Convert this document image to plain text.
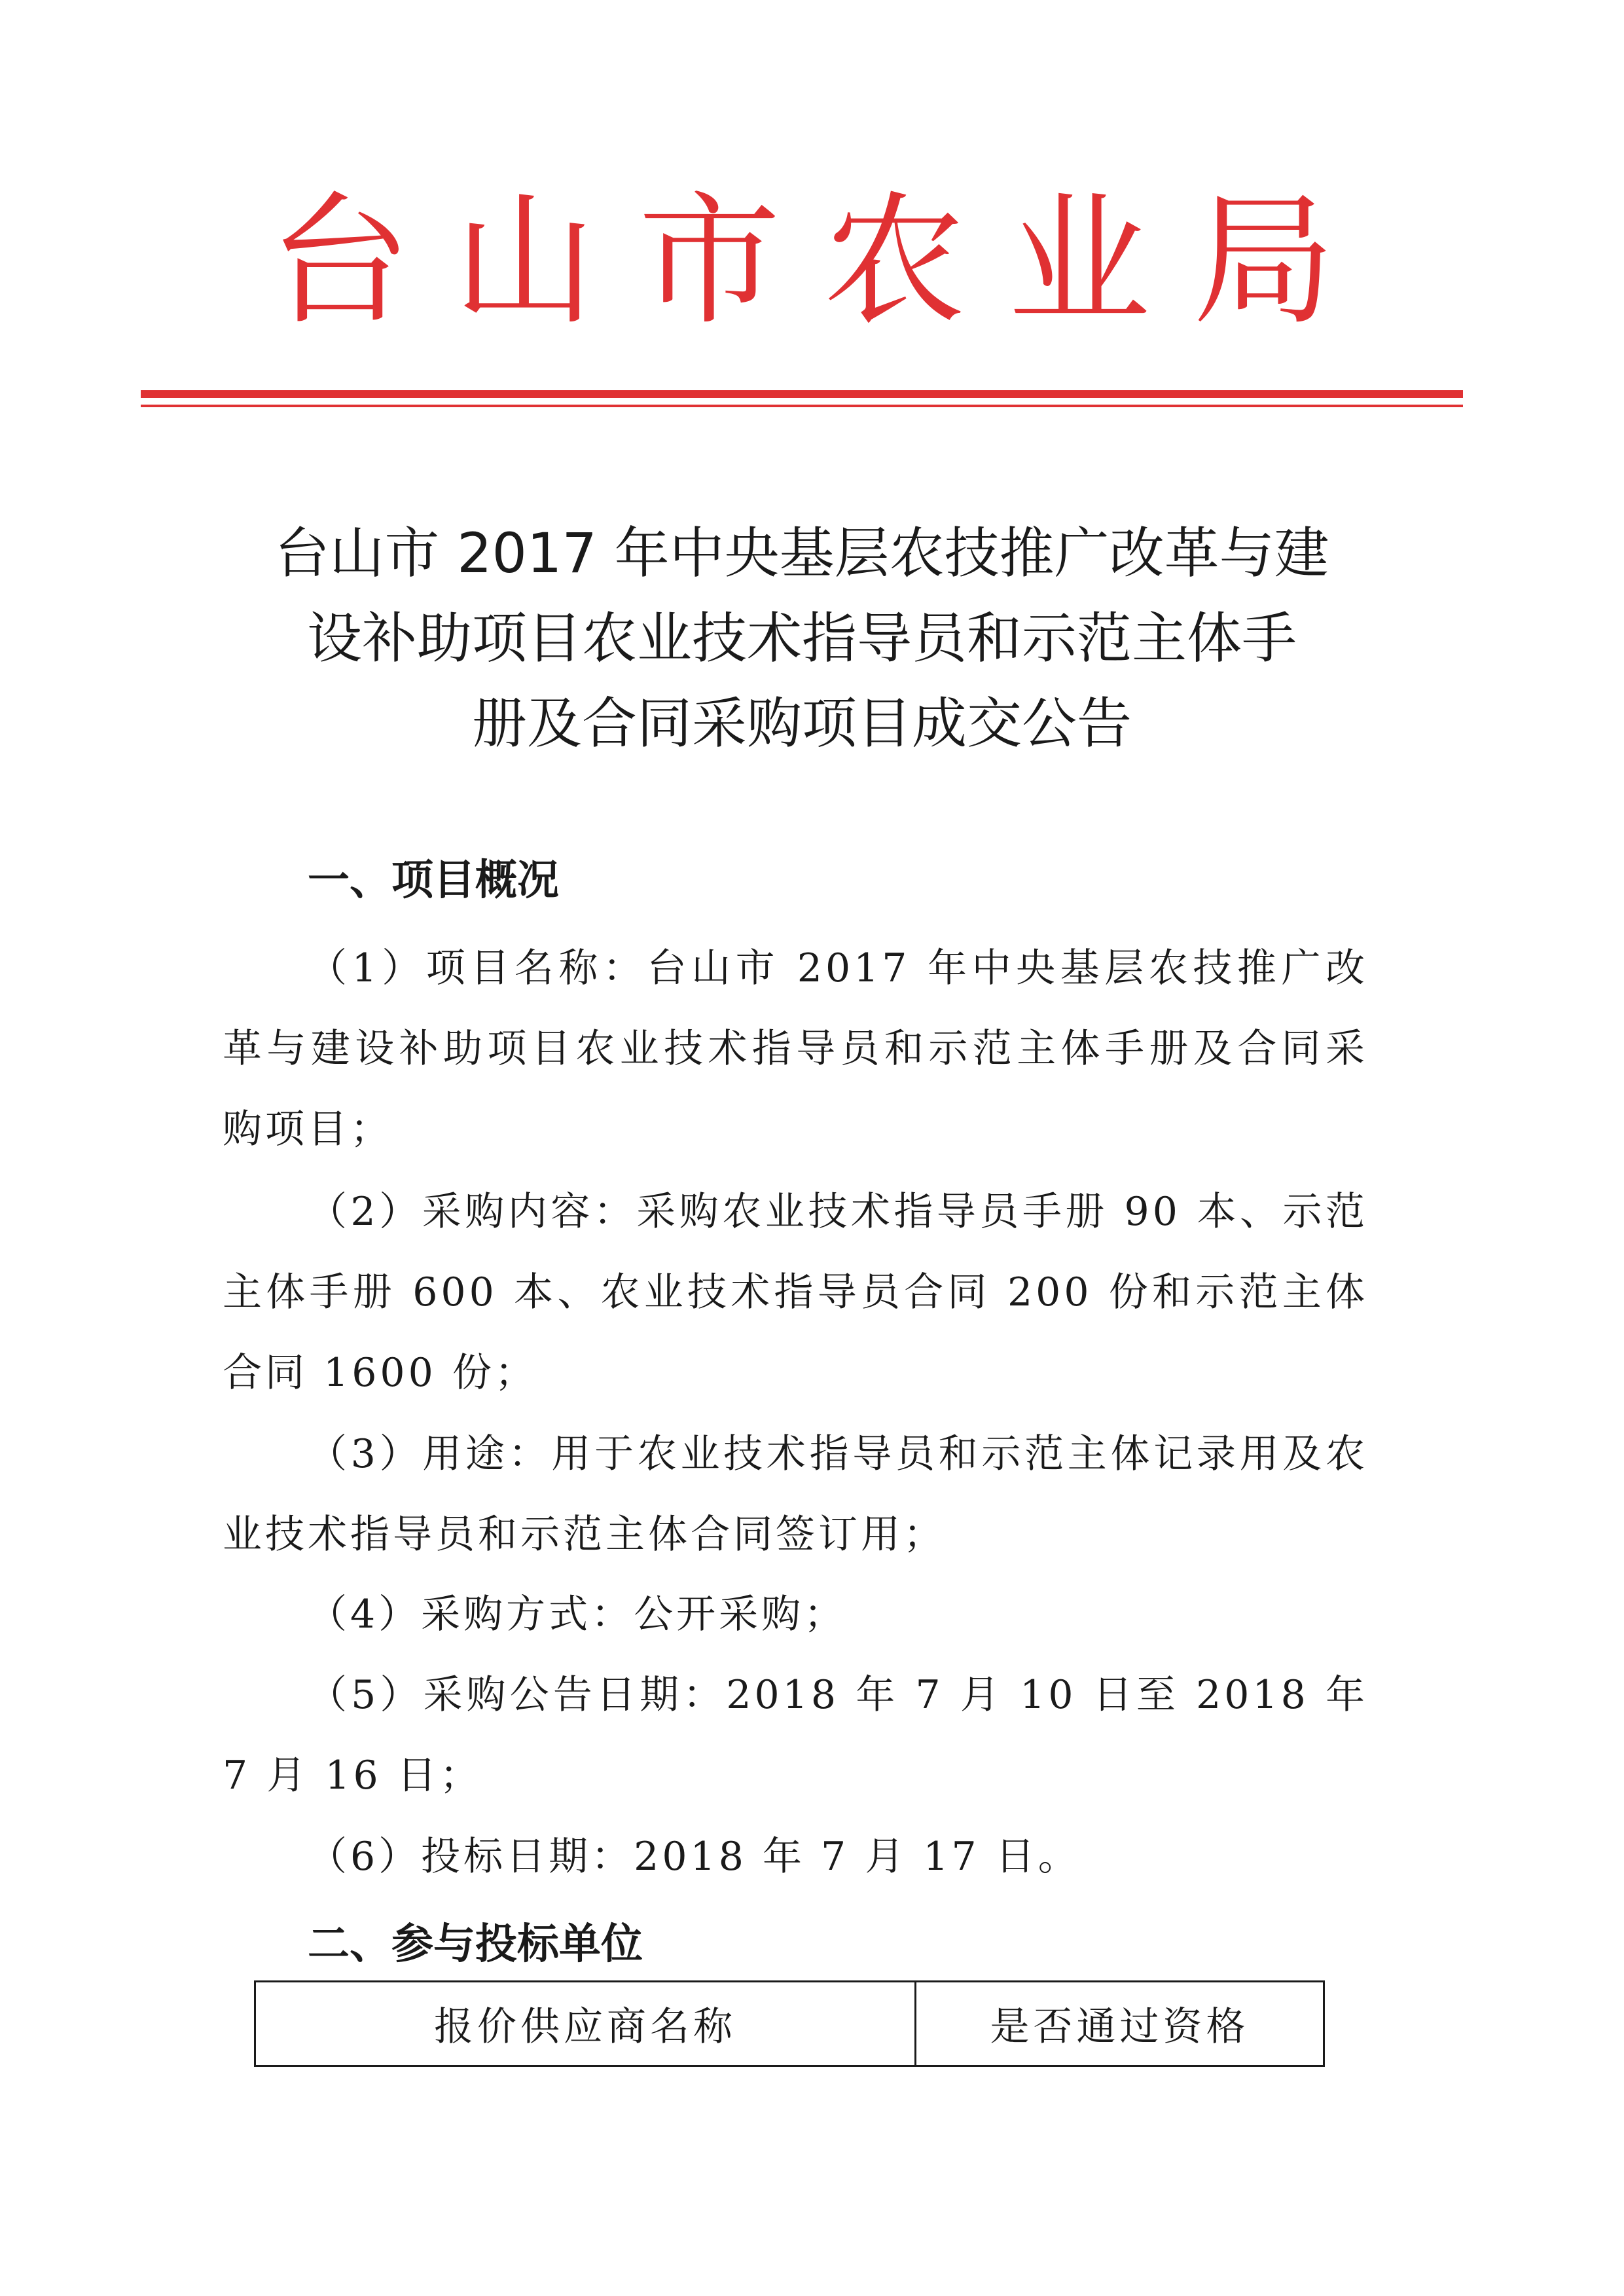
台 山 市 农 业 局
台山市 2017 年中央基层农技推广改革与建
设补助项目农业技术指导员和示范主体手
册及合同采购项目成交公告
一、项目概况

（1）项目名称：台山市 2017 年中央基层农技推广改革与建设补助项目农业技术指导员和示范主体手册及合同采购项目；

（2）采购内容：采购农业技术指导员手册 90 本、示范主体手册 600 本、农业技术指导员合同 200 份和示范主体合同 1600 份；

（3）用途：用于农业技术指导员和示范主体记录用及农业技术指导员和示范主体合同签订用；

（4）采购方式：公开采购；

（5）采购公告日期：2018 年 7 月 10 日至 2018 年 7 月 16 日；

（6）投标日期：2018 年 7 月 17 日。

二、参与投标单位
报价供应商名称	是否通过资格
